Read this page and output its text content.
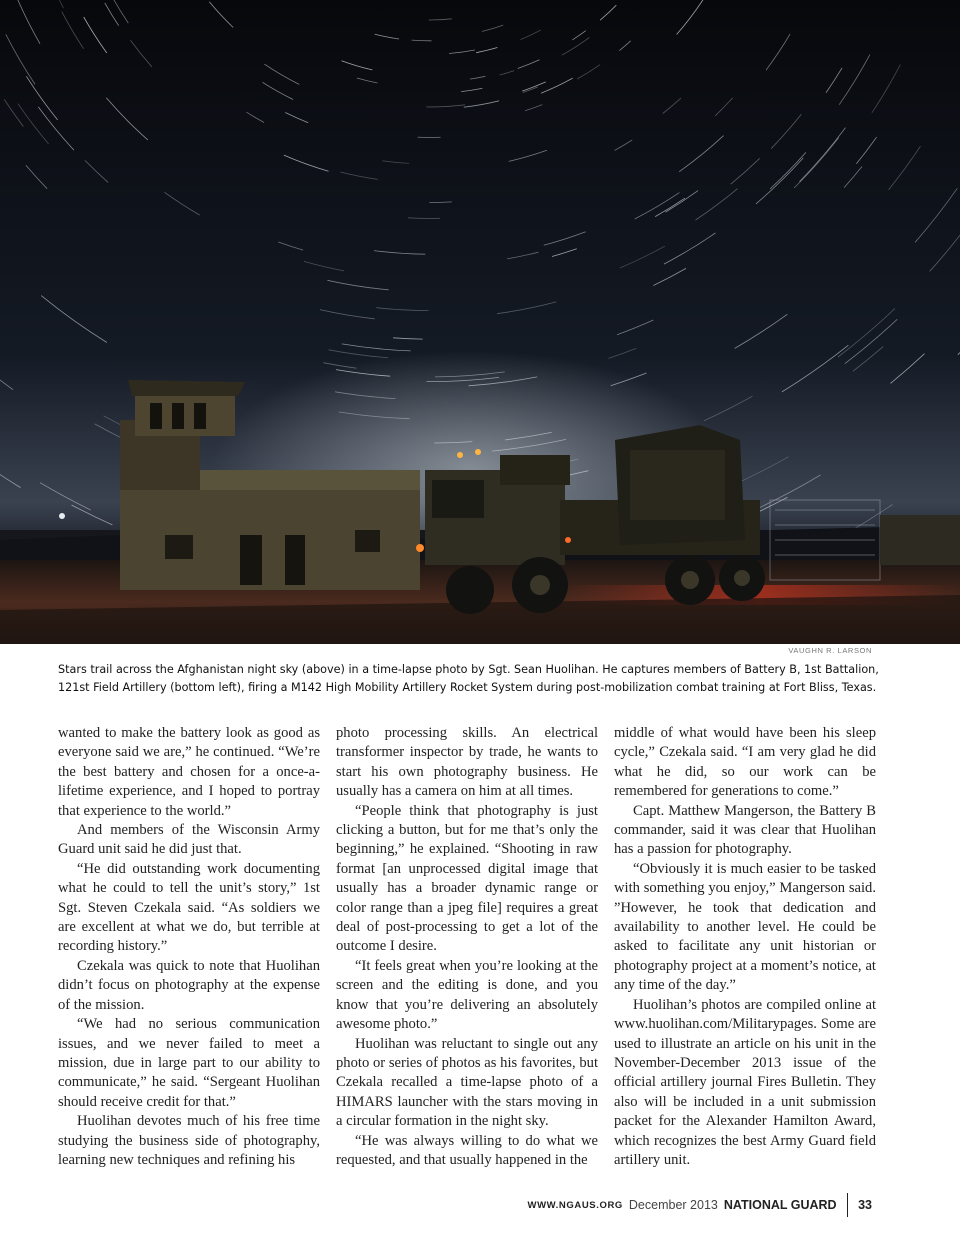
VAUGHN R. LARSON
Stars trail across the Afghanistan night sky (above) in a time-lapse photo by Sgt. Sean Huolihan. He captures members of Battery B, 1st Battalion, 121st Field Artillery (bottom left), firing a M142 High Mobility Artillery Rocket System during post-mobilization combat training at Fort Bliss, Texas.

wanted to make the battery look as good as everyone said we are,” he continued. “We’re the best battery and chosen for a once-a-lifetime experience, and I hoped to portray that experience to the world.”

And members of the Wisconsin Army Guard unit said he did just that.

“He did outstanding work documenting what he could to tell the unit’s story,” 1st Sgt. Steven Czekala said. “As soldiers we are excellent at what we do, but terrible at recording history.”

Czekala was quick to note that Huolihan didn’t focus on photography at the expense of the mission.

“We had no serious communication issues, and we never failed to meet a mission, due in large part to our ability to communicate,” he said. “Sergeant Huolihan should receive credit for that.”

Huolihan devotes much of his free time studying the business side of photography, learning new techniques and refining his

photo processing skills. An electrical transformer inspector by trade, he wants to start his own photography business. He usually has a camera on him at all times.

“People think that photography is just clicking a button, but for me that’s only the beginning,” he explained. “Shooting in raw format [an unprocessed digital image that usually has a broader dynamic range or color range than a jpeg file] requires a great deal of post-processing to get a lot of the outcome I desire.

“It feels great when you’re looking at the screen and the editing is done, and you know that you’re delivering an absolutely awesome photo.”

Huolihan was reluctant to single out any photo or series of photos as his favorites, but Czekala recalled a time-lapse photo of a HIMARS launcher with the stars moving in a circular formation in the night sky.

“He was always willing to do what we requested, and that usually happened in the

middle of what would have been his sleep cycle,” Czekala said. “I am very glad he did what he did, so our work can be remembered for generations to come.”

Capt. Matthew Mangerson, the Battery B commander, said it was clear that Huolihan has a passion for photography.

“Obviously it is much easier to be tasked with something you enjoy,” Mangerson said. ”However, he took that dedication and availability to another level. He could be asked to facilitate any unit historian or photography project at a moment’s notice, at any time of the day.”

Huolihan’s photos are compiled online at www.huolihan.com/Militarypages. Some are used to illustrate an article on his unit in the November-December 2013 issue of the official artillery journal Fires Bulletin. They also will be included in a unit submission packet for the Alexander Hamilton Award, which recognizes the best Army Guard field artillery unit.

WWW.NGAUS.ORG December 2013 NATIONAL GUARD 33
